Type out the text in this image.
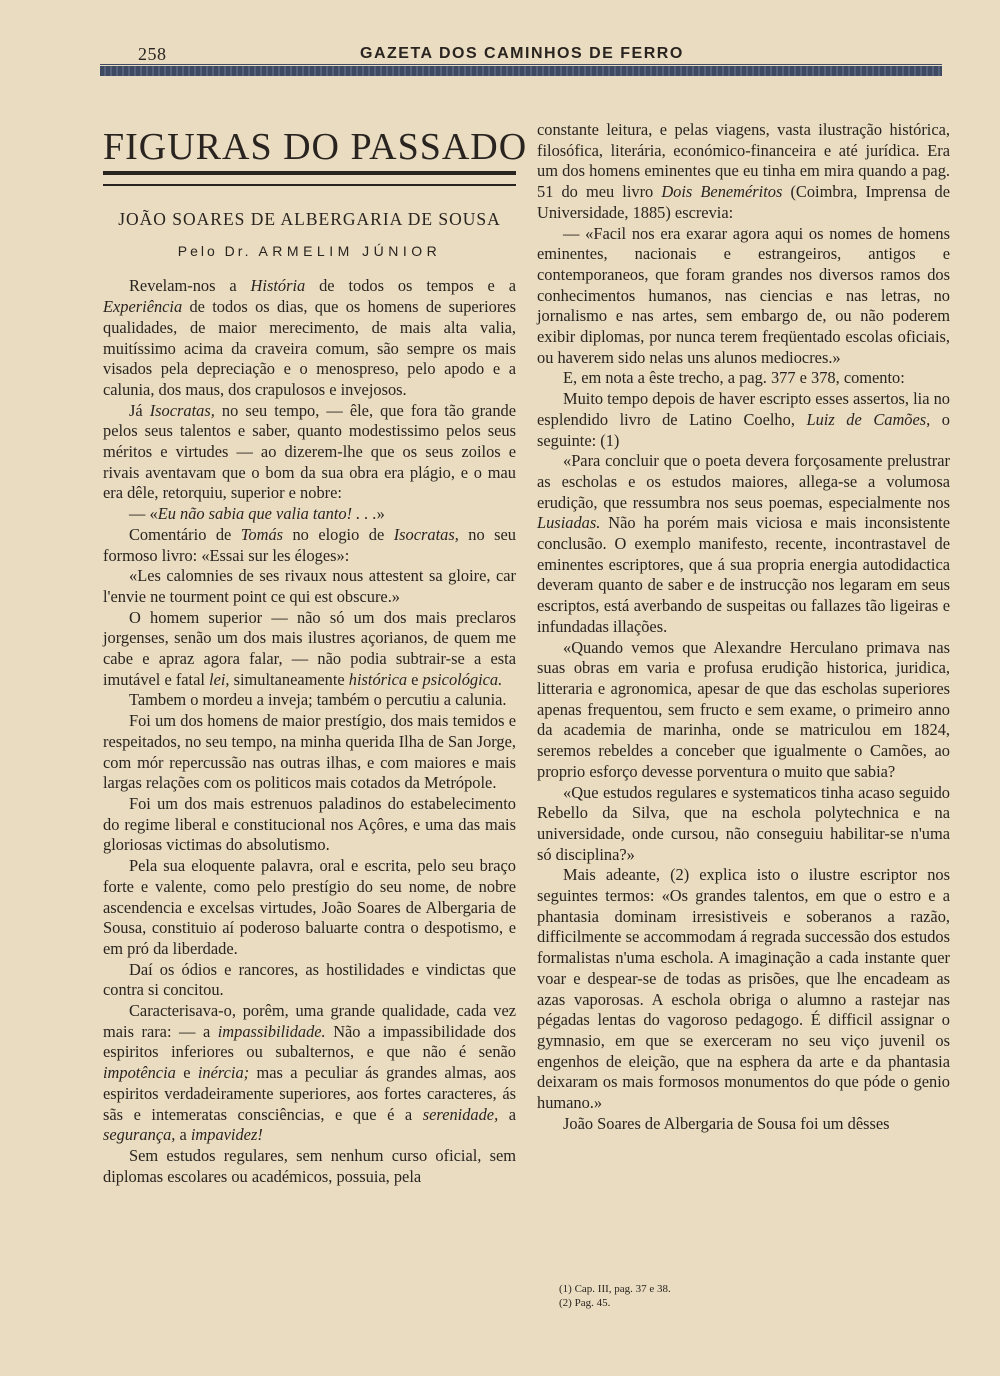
258	GAZETA DOS CAMINHOS DE FERRO
FIGURAS DO PASSADO
JOÃO SOARES DE ALBERGARIA DE SOUSA
Pelo Dr. ARMELIM JÚNIOR

Revelam-nos a História de todos os tempos e a Experiência de todos os dias, que os homens de superiores qualidades, de maior merecimento, de mais alta valia, muitíssimo acima da craveira comum, são sempre os mais visados pela depreciação e o menospreso, pelo apodo e a calunia, dos maus, dos crapulosos e invejosos.

Já Isocratas, no seu tempo, — êle, que fora tão grande pelos seus talentos e saber, quanto modestissimo pelos seus méritos e virtudes — ao dizerem-lhe que os seus zoilos e rivais aventavam que o bom da sua obra era plágio, e o mau era dêle, retorquiu, superior e nobre:

— «Eu não sabia que valia tanto! . . .»

Comentário de Tomás no elogio de Isocratas, no seu formoso livro: «Essai sur les éloges»:

«Les calomnies de ses rivaux nous attestent sa gloire, car l'envie ne tourment point ce qui est obscure.»

O homem superior — não só um dos mais preclaros jorgenses, senão um dos mais ilustres açorianos, de quem me cabe e apraz agora falar, — não podia subtrair-se a esta imutável e fatal lei, simultaneamente histórica e psicológica.

Tambem o mordeu a inveja; também o percutiu a calunia.

Foi um dos homens de maior prestígio, dos mais temidos e respeitados, no seu tempo, na minha querida Ilha de San Jorge, com mór repercussão nas outras ilhas, e com maiores e mais largas relações com os politicos mais cotados da Metrópole.

Foi um dos mais estrenuos paladinos do estabelecimento do regime liberal e constitucional nos Açôres, e uma das mais gloriosas victimas do absolutismo.

Pela sua eloquente palavra, oral e escrita, pelo seu braço forte e valente, como pelo prestígio do seu nome, de nobre ascendencia e excelsas virtudes, João Soares de Albergaria de Sousa, constituio aí poderoso baluarte contra o despotismo, e em pró da liberdade.

Daí os ódios e rancores, as hostilidades e vindictas que contra si concitou.

Caracterisava-o, porêm, uma grande qualidade, cada vez mais rara: — a impassibilidade. Não a impassibilidade dos espiritos inferiores ou subalternos, e que não é senão impotência e inércia; mas a peculiar ás grandes almas, aos espiritos verdadeiramente superiores, aos fortes caracteres, ás sãs e intemeratas consciências, e que é a serenidade, a segurança, a impavidez!

Sem estudos regulares, sem nenhum curso oficial, sem diplomas escolares ou académicos, possuia, pela

constante leitura, e pelas viagens, vasta ilustração histórica, filosófica, literária, económico-financeira e até jurídica. Era um dos homens eminentes que eu tinha em mira quando a pag. 51 do meu livro Dois Beneméritos (Coimbra, Imprensa de Universidade, 1885) escrevia:

— «Facil nos era exarar agora aqui os nomes de homens eminentes, nacionais e estrangeiros, antigos e contemporaneos, que foram grandes nos diversos ramos dos conhecimentos humanos, nas ciencias e nas letras, no jornalismo e nas artes, sem embargo de, ou não poderem exibir diplomas, por nunca terem freqüentado escolas oficiais, ou haverem sido nelas uns alunos mediocres.»

E, em nota a êste trecho, a pag. 377 e 378, comento:

Muito tempo depois de haver escripto esses assertos, lia no esplendido livro de Latino Coelho, Luiz de Camões, o seguinte: (1)

«Para concluir que o poeta devera forçosamente prelustrar as escholas e os estudos maiores, allega-se a volumosa erudição, que ressumbra nos seus poemas, especialmente nos Lusiadas. Não ha porém mais viciosa e mais inconsistente conclusão. O exemplo manifesto, recente, incontrastavel de eminentes escriptores, que á sua propria energia autodidactica deveram quanto de saber e de instrucção nos legaram em seus escriptos, está averbando de suspeitas ou fallazes tão ligeiras e infundadas illações.

«Quando vemos que Alexandre Herculano primava nas suas obras em varia e profusa erudição historica, juridica, litteraria e agronomica, apesar de que das escholas superiores apenas frequentou, sem fructo e sem exame, o primeiro anno da academia de marinha, onde se matriculou em 1824, seremos rebeldes a conceber que igualmente o Camões, ao proprio esforço devesse porventura o muito que sabia?

«Que estudos regulares e systematicos tinha acaso seguido Rebello da Silva, que na eschola polytechnica e na universidade, onde cursou, não conseguiu habilitar-se n'uma só disciplina?»

Mais adeante, (2) explica isto o ilustre escriptor nos seguintes termos: «Os grandes talentos, em que o estro e a phantasia dominam irresistiveis e soberanos a razão, difficilmente se accommodam á regrada successão dos estudos formalistas n'uma eschola. A imaginação a cada instante quer voar e despear-se de todas as prisões, que lhe encadeam as azas vaporosas. A eschola obriga o alumno a rastejar nas pégadas lentas do vagoroso pedagogo. É difficil assignar o gymnasio, em que se exerceram no seu viço juvenil os engenhos de eleição, que na esphera da arte e da phantasia deixaram os mais formosos monumentos do que póde o genio humano.»

João Soares de Albergaria de Sousa foi um dêsses

(1) Cap. III, pag. 37 e 38.
(2) Pag. 45.
